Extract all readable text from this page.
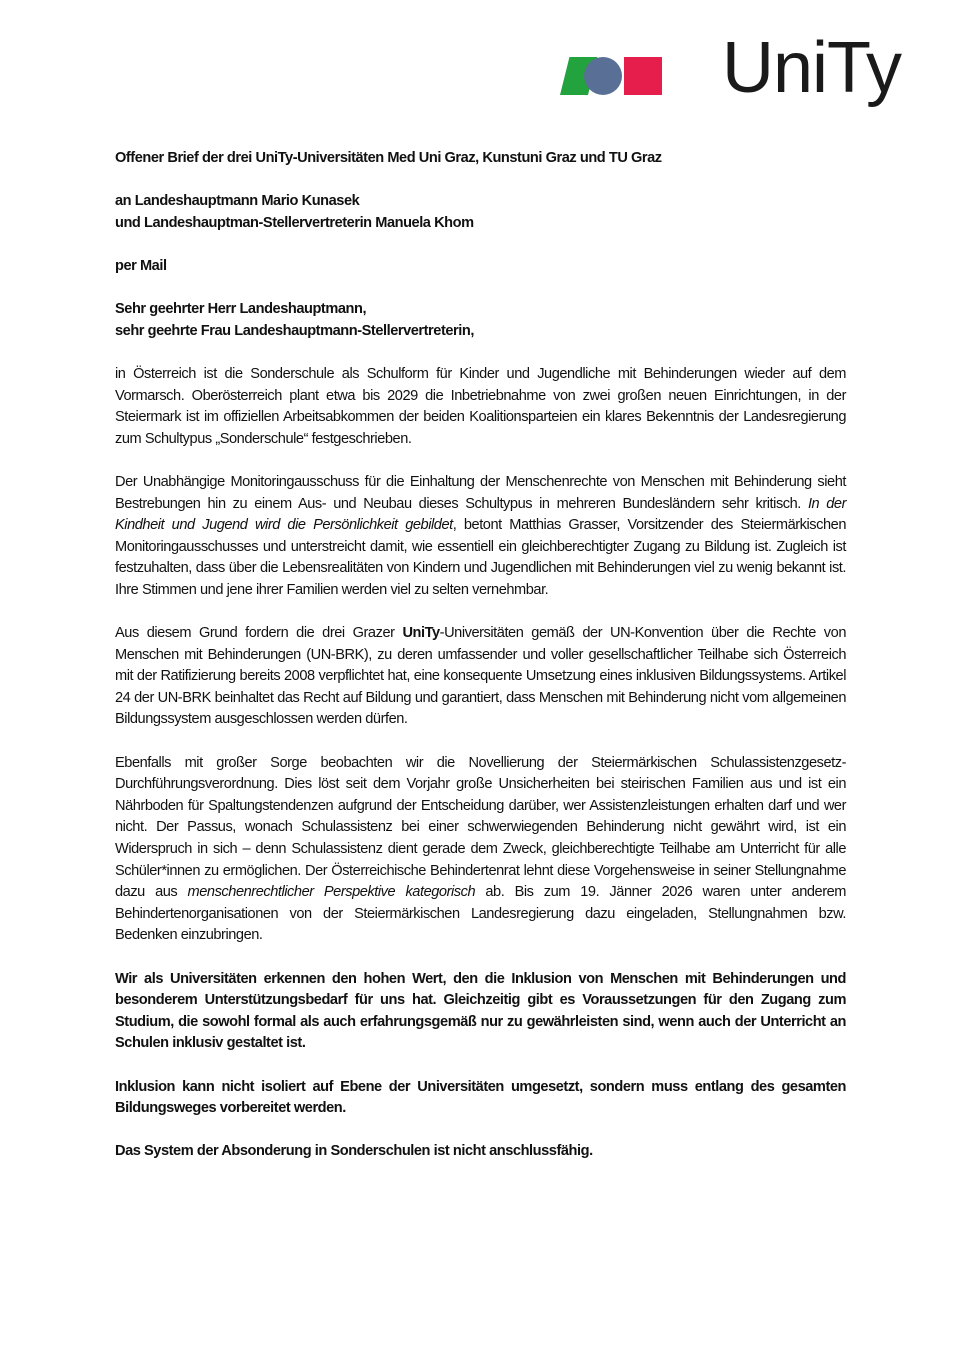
UniTy
Offener Brief der drei UniTy-Universitäten Med Uni Graz, Kunstuni Graz und TU Graz
an Landeshauptmann Mario Kunasek
und Landeshauptman-Stellervertreterin Manuela Khom
per Mail
Sehr geehrter Herr Landeshauptmann,
sehr geehrte Frau Landeshauptmann-Stellervertreterin,

in Österreich ist die Sonderschule als Schulform für Kinder und Jugendliche mit Behinderungen wieder auf dem Vormarsch. Oberösterreich plant etwa bis 2029 die Inbetriebnahme von zwei großen neuen Einrichtungen, in der Steiermark ist im offiziellen Arbeitsabkommen der beiden Koalitionsparteien ein klares Bekenntnis der Landesregierung zum Schultypus „Sonderschule“ festgeschrieben.

Der Unabhängige Monitoringausschuss für die Einhaltung der Menschenrechte von Menschen mit Behinderung sieht Bestrebungen hin zu einem Aus- und Neubau dieses Schultypus in mehreren Bundesländern sehr kritisch. In der Kindheit und Jugend wird die Persönlichkeit gebildet, betont Matthias Grasser, Vorsitzender des Steiermärkischen Monitoringausschusses und unterstreicht damit, wie essentiell ein gleichberechtigter Zugang zu Bildung ist. Zugleich ist festzuhalten, dass über die Lebensrealitäten von Kindern und Jugendlichen mit Behinderungen viel zu wenig bekannt ist. Ihre Stimmen und jene ihrer Familien werden viel zu selten vernehmbar.

Aus diesem Grund fordern die drei Grazer UniTy-Universitäten gemäß der UN-Konvention über die Rechte von Menschen mit Behinderungen (UN-BRK), zu deren umfassender und voller gesellschaftlicher Teilhabe sich Österreich mit der Ratifizierung bereits 2008 verpflichtet hat, eine konsequente Umsetzung eines inklusiven Bildungssystems. Artikel 24 der UN-BRK beinhaltet das Recht auf Bildung und garantiert, dass Menschen mit Behinderung nicht vom allgemeinen Bildungssystem ausgeschlossen werden dürfen.

Ebenfalls mit großer Sorge beobachten wir die Novellierung der Steiermärkischen Schulassistenzgesetz-Durchführungsverordnung. Dies löst seit dem Vorjahr große Unsicherheiten bei steirischen Familien aus und ist ein Nährboden für Spaltungstendenzen aufgrund der Entscheidung darüber, wer Assistenzleistungen erhalten darf und wer nicht. Der Passus, wonach Schulassistenz bei einer schwerwiegenden Behinderung nicht gewährt wird, ist ein Widerspruch in sich – denn Schulassistenz dient gerade dem Zweck, gleichberechtigte Teilhabe am Unterricht für alle Schüler*innen zu ermöglichen. Der Österreichische Behindertenrat lehnt diese Vorgehensweise in seiner Stellungnahme dazu aus menschenrechtlicher Perspektive kategorisch ab. Bis zum 19. Jänner 2026 waren unter anderem Behindertenorganisationen von der Steiermärkischen Landesregierung dazu eingeladen, Stellungnahmen bzw. Bedenken einzubringen.

Wir als Universitäten erkennen den hohen Wert, den die Inklusion von Menschen mit Behinderungen und besonderem Unterstützungsbedarf für uns hat. Gleichzeitig gibt es Voraussetzungen für den Zugang zum Studium, die sowohl formal als auch erfahrungsgemäß nur zu gewährleisten sind, wenn auch der Unterricht an Schulen inklusiv gestaltet ist.

Inklusion kann nicht isoliert auf Ebene der Universitäten umgesetzt, sondern muss entlang des gesamten Bildungsweges vorbereitet werden.

Das System der Absonderung in Sonderschulen ist nicht anschlussfähig.
